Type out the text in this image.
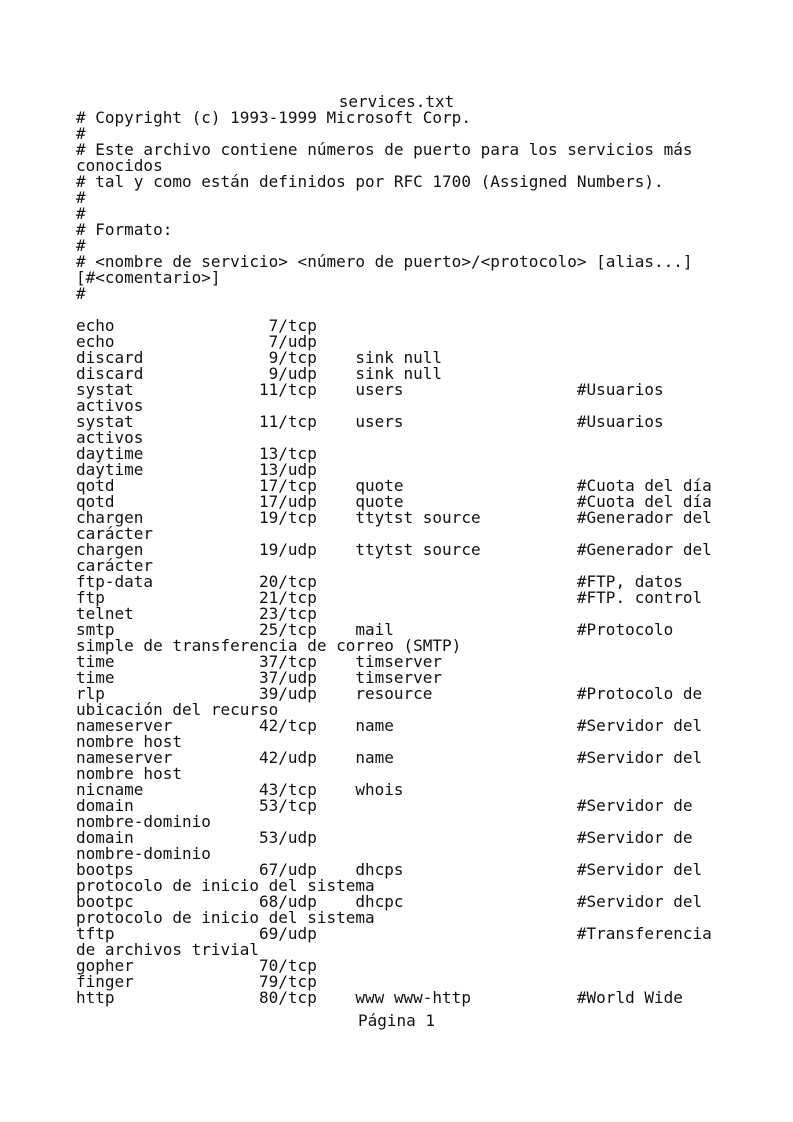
services.txt
# Copyright (c) 1993-1999 Microsoft Corp.
#
# Este archivo contiene números de puerto para los servicios más
conocidos
# tal y como están definidos por RFC 1700 (Assigned Numbers).
#
#
# Formato:
#
# <nombre de servicio> <número de puerto>/<protocolo> [alias...]
[#<comentario>]
#
echo                7/tcp
echo                7/udp
discard             9/tcp    sink null
discard             9/udp    sink null
systat             11/tcp    users                  #Usuarios
activos
systat             11/tcp    users                  #Usuarios
activos
daytime            13/tcp
daytime            13/udp
qotd               17/tcp    quote                  #Cuota del día
qotd               17/udp    quote                  #Cuota del día
chargen            19/tcp    ttytst source          #Generador del
carácter
chargen            19/udp    ttytst source          #Generador del
carácter
ftp-data           20/tcp                           #FTP, datos
ftp                21/tcp                           #FTP. control
telnet             23/tcp
smtp               25/tcp    mail                   #Protocolo
simple de transferencia de correo (SMTP)
time               37/tcp    timserver
time               37/udp    timserver
rlp                39/udp    resource               #Protocolo de
ubicación del recurso
nameserver         42/tcp    name                   #Servidor del
nombre host
nameserver         42/udp    name                   #Servidor del
nombre host
nicname            43/tcp    whois
domain             53/tcp                           #Servidor de
nombre-dominio
domain             53/udp                           #Servidor de
nombre-dominio
bootps             67/udp    dhcps                  #Servidor del
protocolo de inicio del sistema
bootpc             68/udp    dhcpc                  #Servidor del
protocolo de inicio del sistema
tftp               69/udp                           #Transferencia
de archivos trivial
gopher             70/tcp
finger             79/tcp
http               80/tcp    www www-http           #World Wide
Página 1
